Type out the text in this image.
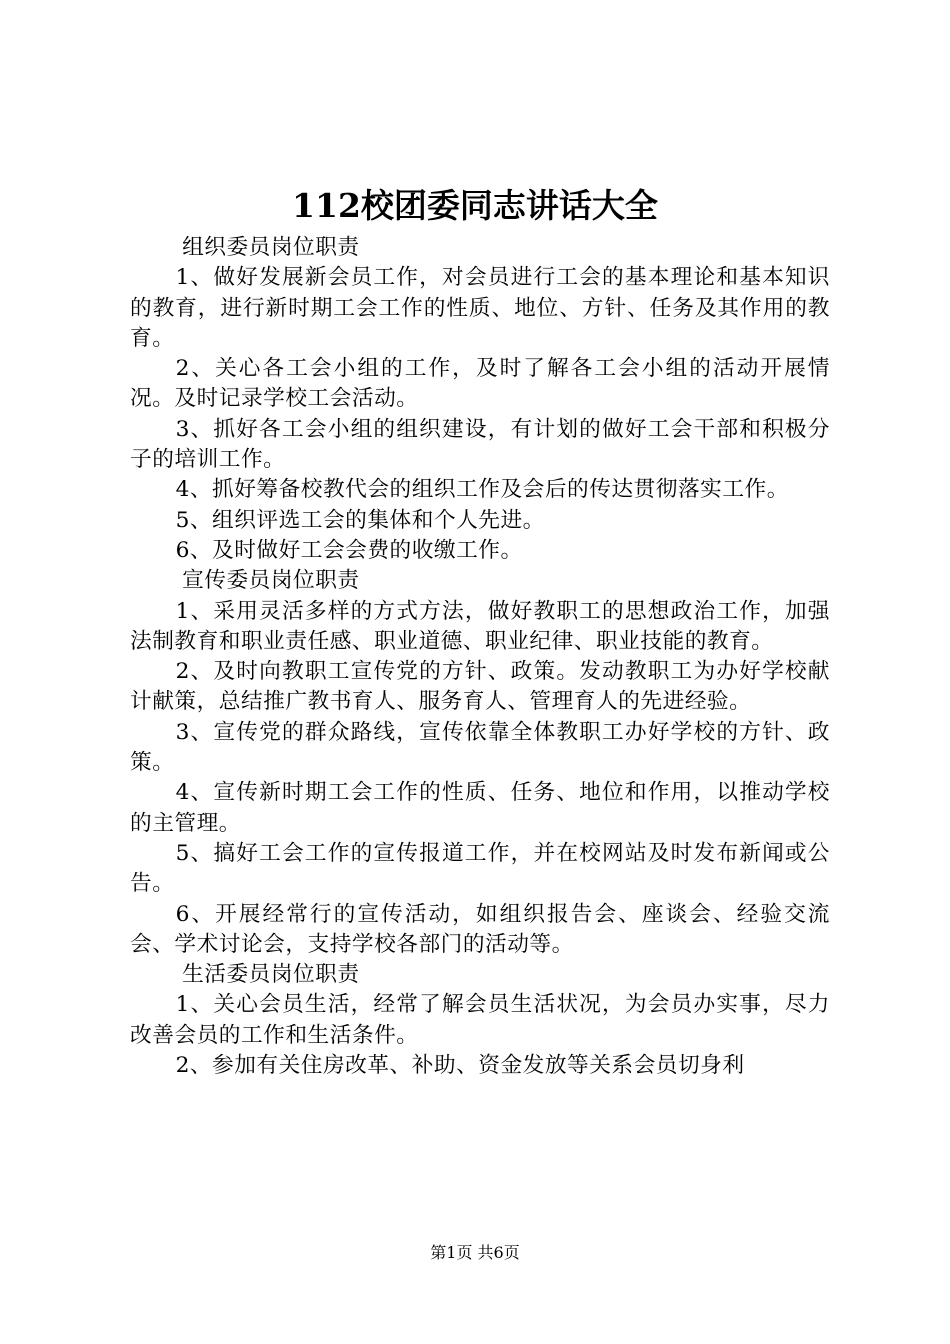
112校团委同志讲话大全

组织委员岗位职责

1、做好发展新会员工作，对会员进行工会的基本理论和基本知识的教育，进行新时期工会工作的性质、地位、方针、任务及其作用的教育。

2、关心各工会小组的工作，及时了解各工会小组的活动开展情况。及时记录学校工会活动。

3、抓好各工会小组的组织建设，有计划的做好工会干部和积极分子的培训工作。

4、抓好筹备校教代会的组织工作及会后的传达贯彻落实工作。

5、组织评选工会的集体和个人先进。

6、及时做好工会会费的收缴工作。

宣传委员岗位职责

1、采用灵活多样的方式方法，做好教职工的思想政治工作，加强法制教育和职业责任感、职业道德、职业纪律、职业技能的教育。

2、及时向教职工宣传党的方针、政策。发动教职工为办好学校献计献策，总结推广教书育人、服务育人、管理育人的先进经验。

3、宣传党的群众路线，宣传依靠全体教职工办好学校的方针、政策。

4、宣传新时期工会工作的性质、任务、地位和作用，以推动学校的主管理。

5、搞好工会工作的宣传报道工作，并在校网站及时发布新闻或公告。

6、开展经常行的宣传活动，如组织报告会、座谈会、经验交流会、学术讨论会，支持学校各部门的活动等。

生活委员岗位职责

1、关心会员生活，经常了解会员生活状况，为会员办实事，尽力改善会员的工作和生活条件。

2、参加有关住房改革、补助、资金发放等关系会员切身利

第1页 共6页
